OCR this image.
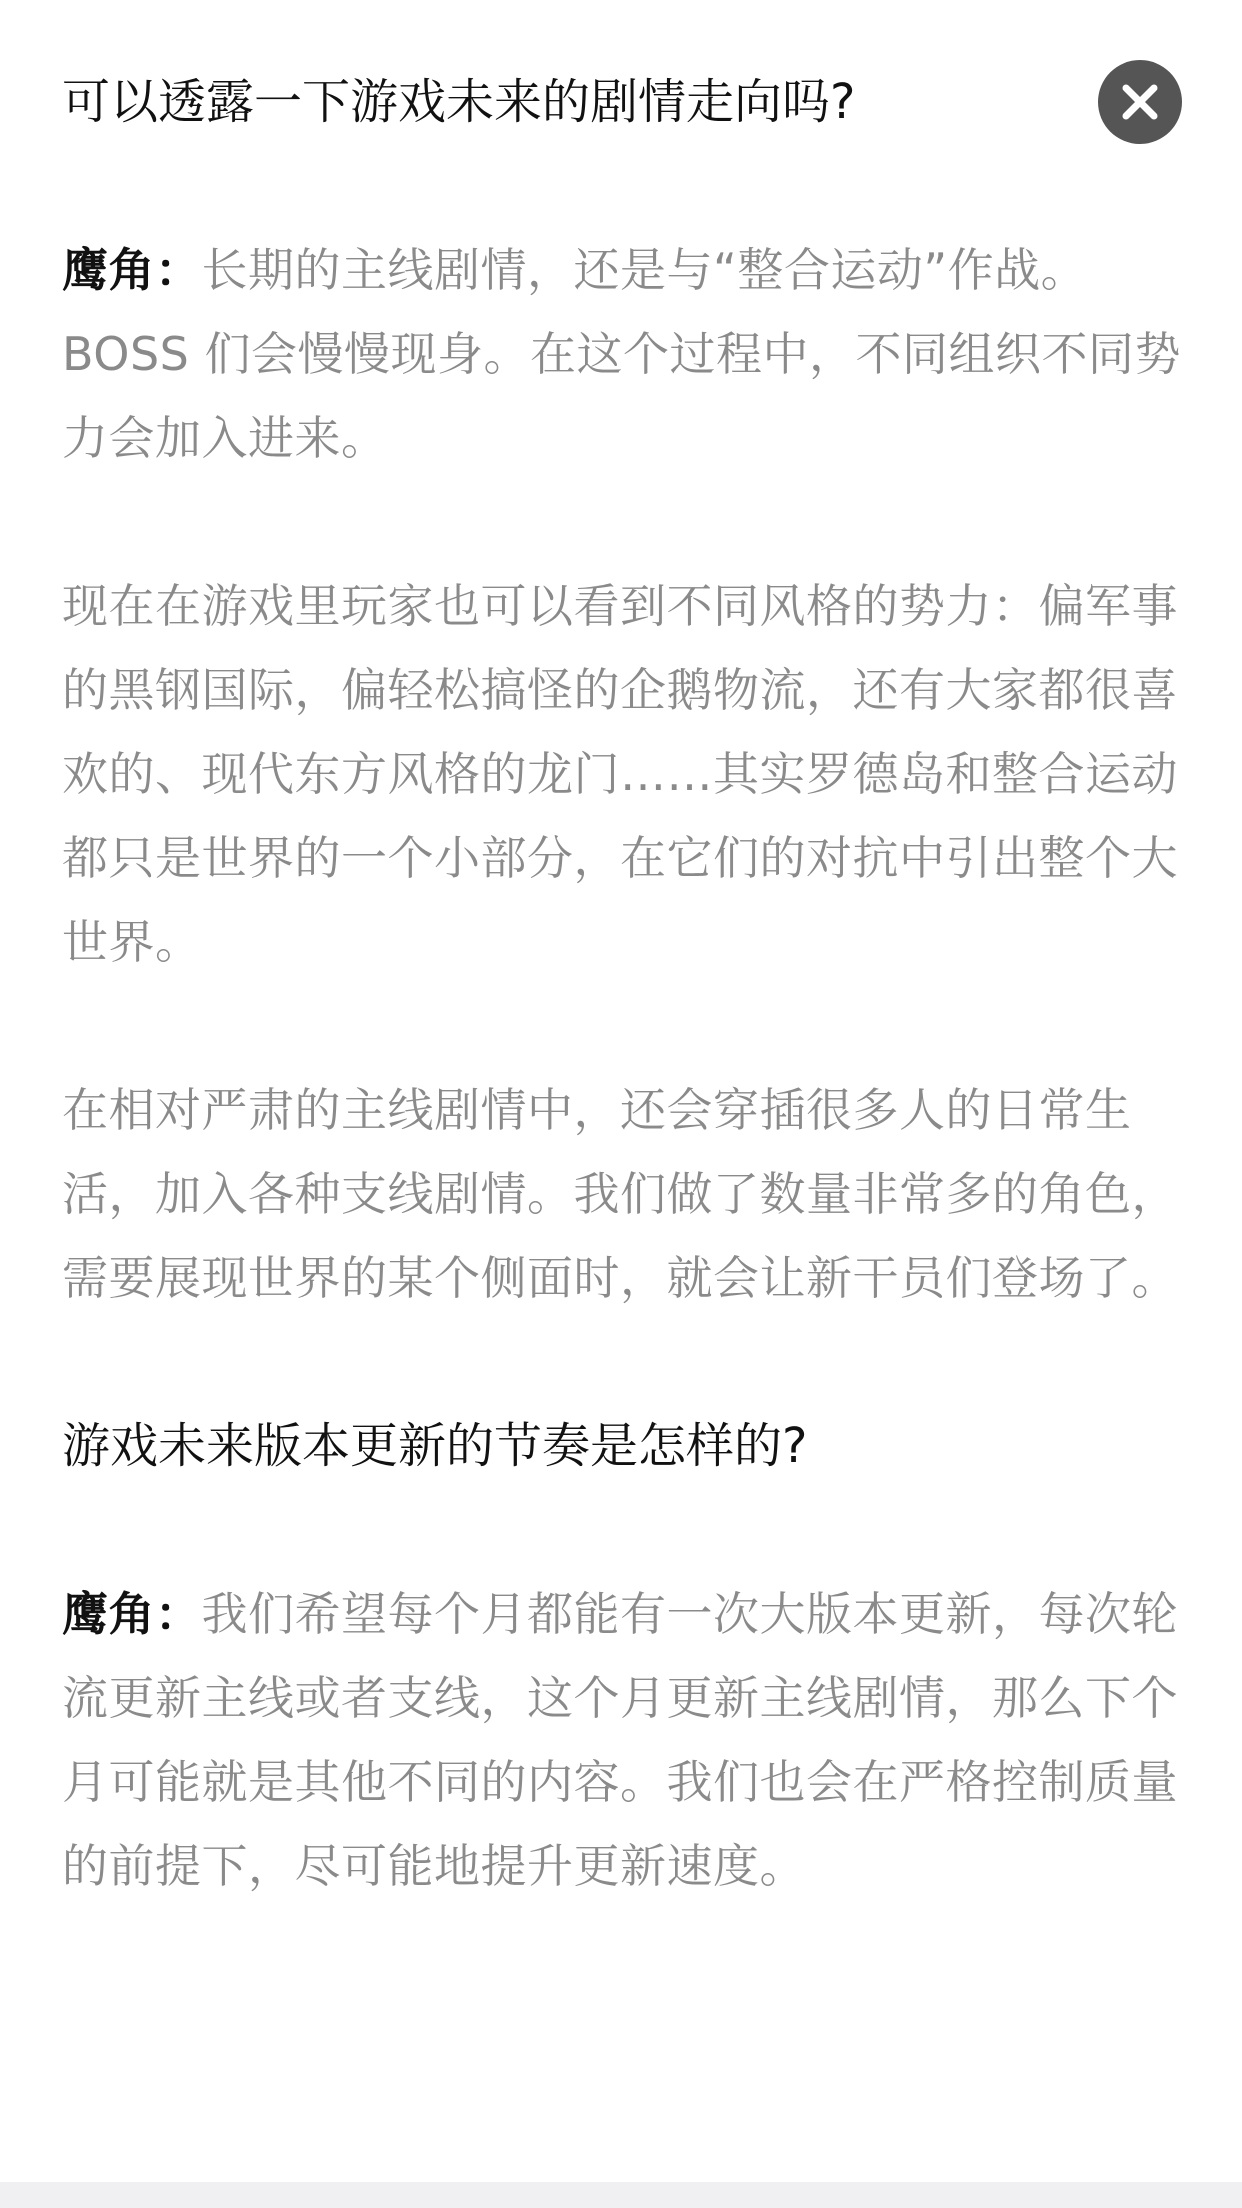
可以透露一下游戏未来的剧情走向吗?

鹰角：长期的主线剧情，还是与“整合运动”作战。BOSS 们会慢慢现身。在这个过程中，不同组织不同势力会加入进来。

现在在游戏里玩家也可以看到不同风格的势力：偏军事的黑钢国际，偏轻松搞怪的企鹅物流，还有大家都很喜欢的、现代东方风格的龙门……其实罗德岛和整合运动都只是世界的一个小部分，在它们的对抗中引出整个大世界。

在相对严肃的主线剧情中，还会穿插很多人的日常生活，加入各种支线剧情。我们做了数量非常多的角色，需要展现世界的某个侧面时，就会让新干员们登场了。

游戏未来版本更新的节奏是怎样的?

鹰角：我们希望每个月都能有一次大版本更新，每次轮流更新主线或者支线，这个月更新主线剧情，那么下个月可能就是其他不同的内容。我们也会在严格控制质量的前提下，尽可能地提升更新速度。
